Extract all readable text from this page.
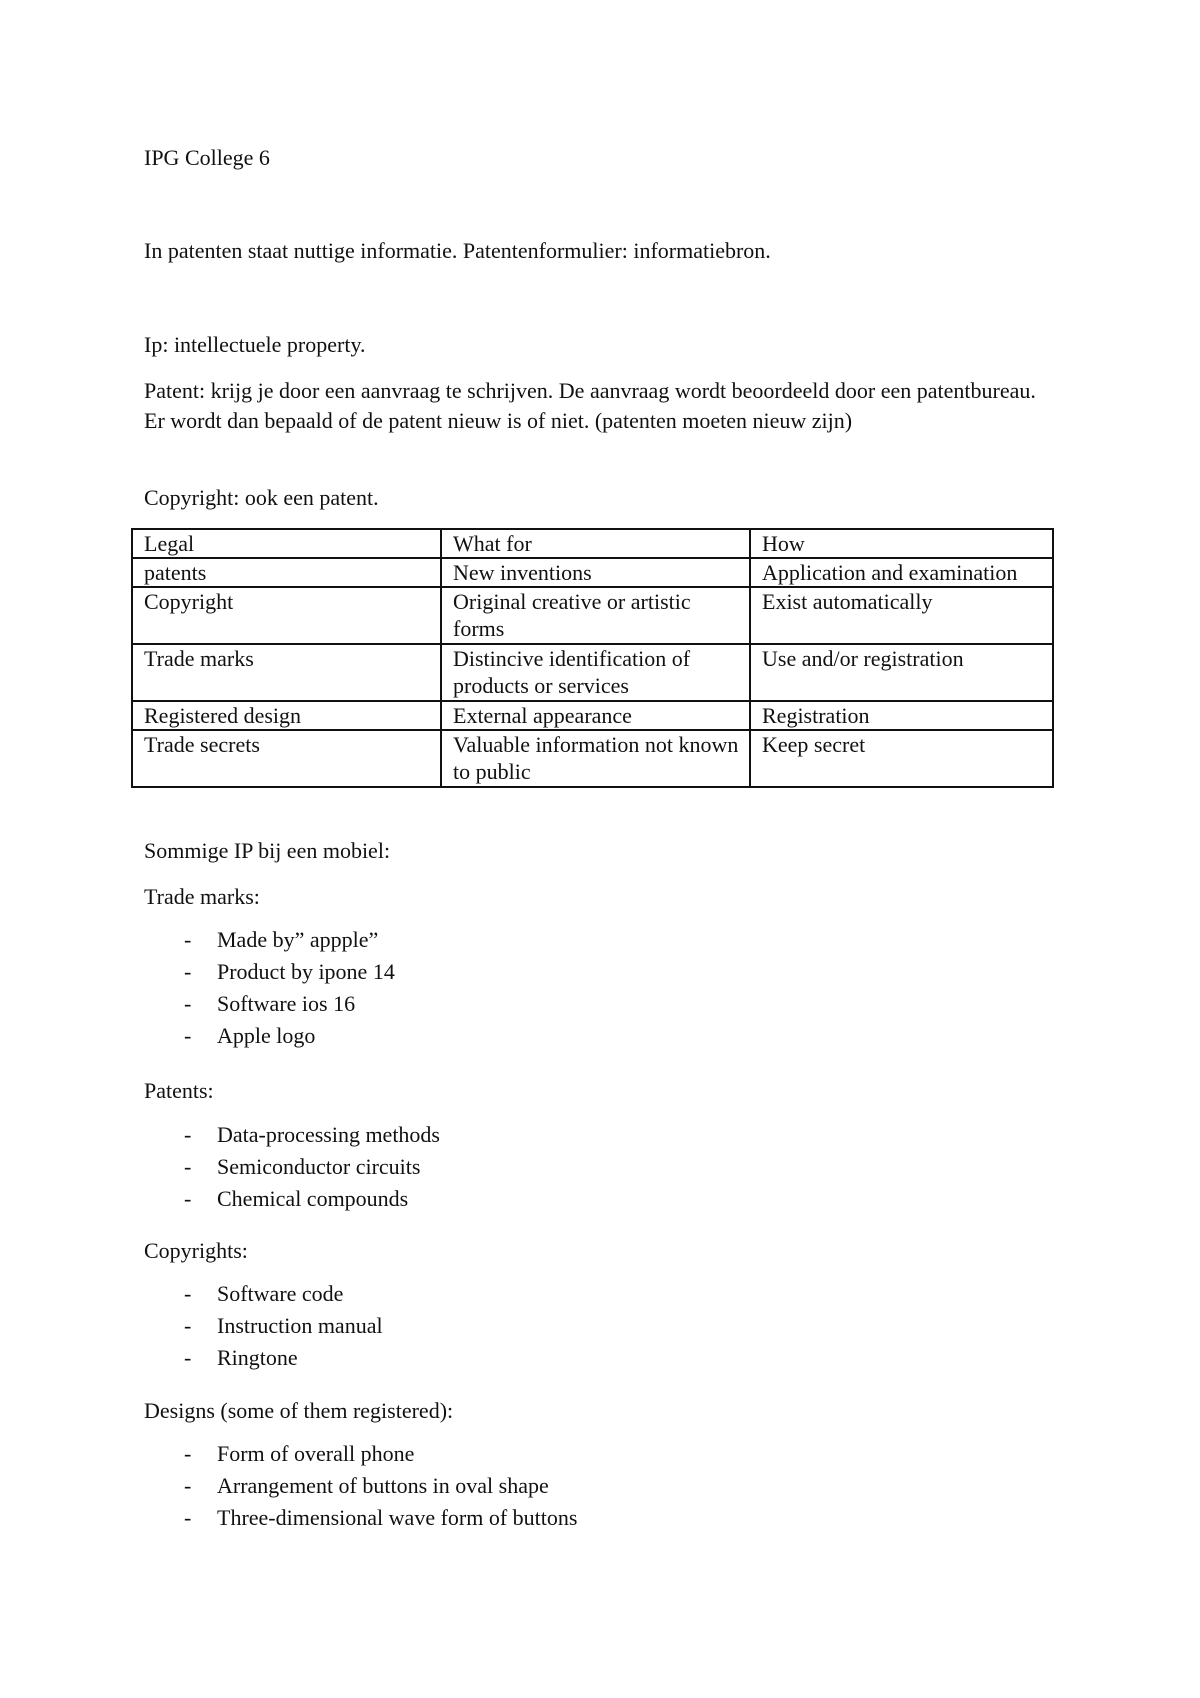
IPG College 6

In patenten staat nuttige informatie. Patentenformulier: informatiebron.

Ip: intellectuele property.

Patent: krijg je door een aanvraag te schrijven. De aanvraag wordt beoordeeld door een patentbureau. Er wordt dan bepaald of de patent nieuw is of niet. (patenten moeten nieuw zijn)

Copyright: ook een patent.

Legal	What for	How
patents	New inventions	Application and examination
Copyright	Original creative or artistic forms	Exist automatically
Trade marks	Distincive identification of products or services	Use and/or registration
Registered design	External appearance	Registration
Trade secrets	Valuable information not known to public	Keep secret

Sommige IP bij een mobiel:

Trade marks:

- Made by” appple”
- Product by ipone 14
- Software ios 16
- Apple logo

Patents:

- Data-processing methods
- Semiconductor circuits
- Chemical compounds

Copyrights:

- Software code
- Instruction manual
- Ringtone

Designs (some of them registered):

- Form of overall phone
- Arrangement of buttons in oval shape
- Three-dimensional wave form of buttons
